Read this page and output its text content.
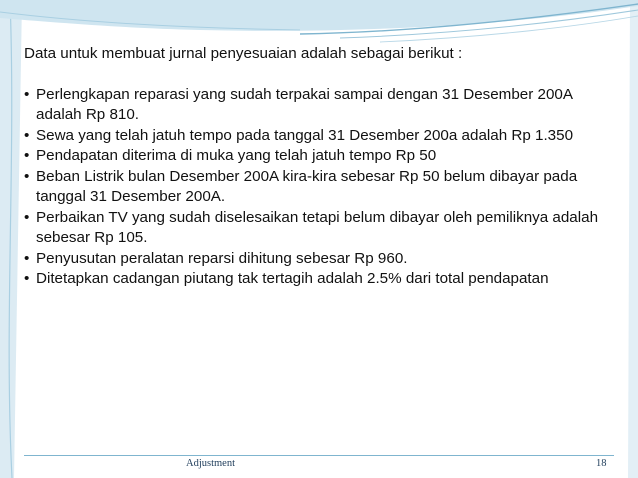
Data untuk membuat jurnal penyesuaian adalah sebagai berikut :

• Perlengkapan reparasi yang sudah terpakai sampai dengan 31 Desember 200A adalah Rp 810.
• Sewa yang telah jatuh tempo pada tanggal 31 Desember 200a adalah Rp 1.350
• Pendapatan diterima di muka yang telah jatuh tempo Rp 50
• Beban Listrik bulan Desember 200A kira-kira sebesar Rp 50 belum dibayar pada tanggal 31 Desember 200A.
• Perbaikan TV yang sudah diselesaikan tetapi belum dibayar oleh pemiliknya adalah sebesar Rp 105.
• Penyusutan peralatan reparsi dihitung sebesar Rp 960.
• Ditetapkan cadangan piutang tak tertagih adalah 2.5% dari total pendapatan
Adjustment	18
